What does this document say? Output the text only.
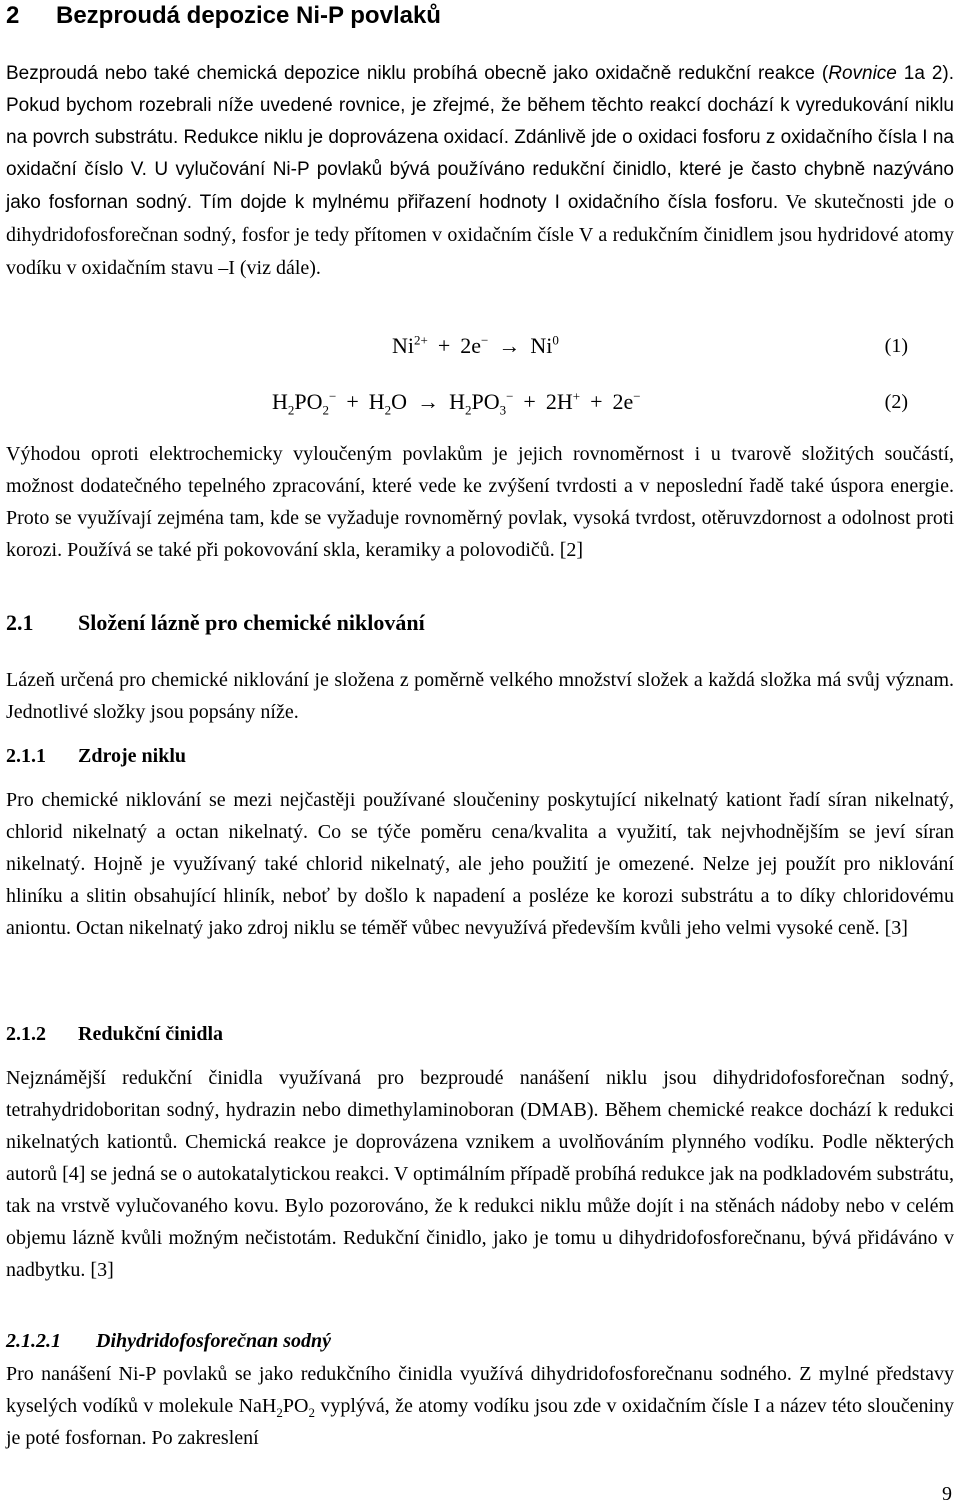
2 Bezproudá depozice Ni-P povlaků

Bezproudá nebo také chemická depozice niklu probíhá obecně jako oxidačně redukční reakce (Rovnice 1a 2). Pokud bychom rozebrali níže uvedené rovnice, je zřejmé, že během těchto reakcí dochází k vyredukování niklu na povrch substrátu. Redukce niklu je doprovázena oxidací. Zdánlivě jde o oxidaci fosforu z oxidačního čísla I na oxidační číslo V. U vylučování Ni-P povlaků bývá používáno redukční činidlo, které je často chybně nazýváno jako fosfornan sodný. Tím dojde k mylnému přiřazení hodnoty I oxidačního čísla fosforu. Ve skutečnosti jde o dihydridofosforečnan sodný, fosfor je tedy přítomen v oxidačním čísle V a redukčním činidlem jsou hydridové atomy vodíku v oxidačním stavu –I (viz dále).

$Ni^{2+} + 2e^- \to Ni^0$	(1)
$H_2PO_2^- + H_2O \to H_2PO_3^- + 2H^+ + 2e^-$	(2)

Výhodou oproti elektrochemicky vyloučeným povlakům je jejich rovnoměrnost i u tvarově složitých součástí, možnost dodatečného tepelného zpracování, které vede ke zvýšení tvrdosti a v neposlední řadě také úspora energie. Proto se využívají zejména tam, kde se vyžaduje rovnoměrný povlak, vysoká tvrdost, otěruvzdornost a odolnost proti korozi. Používá se také při pokovování skla, keramiky a polovodičů. [2]

2.1 Složení lázně pro chemické niklování

Lázeň určená pro chemické niklování je složena z poměrně velkého množství složek a každá složka má svůj význam. Jednotlivé složky jsou popsány níže.

2.1.1 Zdroje niklu

Pro chemické niklování se mezi nejčastěji používané sloučeniny poskytující nikelnatý kationt řadí síran nikelnatý, chlorid nikelnatý a octan nikelnatý. Co se týče poměru cena/kvalita a využití, tak nejvhodnějším se jeví síran nikelnatý. Hojně je využívaný také chlorid nikelnatý, ale jeho použití je omezené. Nelze jej použít pro niklování hliníku a slitin obsahující hliník, neboť by došlo k napadení a posléze ke korozi substrátu a to díky chloridovému aniontu. Octan nikelnatý jako zdroj niklu se téměř vůbec nevyužívá především kvůli jeho velmi vysoké ceně. [3]

2.1.2 Redukční činidla

Nejznámější redukční činidla využívaná pro bezproudé nanášení niklu jsou dihydridofosforečnan sodný, tetrahydridoboritan sodný, hydrazin nebo dimethylaminoboran (DMAB). Během chemické reakce dochází k redukci nikelnatých kationtů. Chemická reakce je doprovázena vznikem a uvolňováním plynného vodíku. Podle některých autorů [4] se jedná se o autokatalytickou reakci. V optimálním případě probíhá redukce jak na podkladovém substrátu, tak na vrstvě vylučovaného kovu. Bylo pozorováno, že k redukci niklu může dojít i na stěnách nádoby nebo v celém objemu lázně kvůli možným nečistotám. Redukční činidlo, jako je tomu u dihydridofosforečnanu, bývá přidáváno v nadbytku. [3]

2.1.2.1 Dihydridofosforečnan sodný

Pro nanášení Ni-P povlaků se jako redukčního činidla využívá dihydridofosforečnanu sodného. Z mylné představy kyselých vodíků v molekule $NaH_2PO_2$ vyplývá, že atomy vodíku jsou zde v oxidačním čísle I a název této sloučeniny je poté fosfornan. Po zakreslení

9
